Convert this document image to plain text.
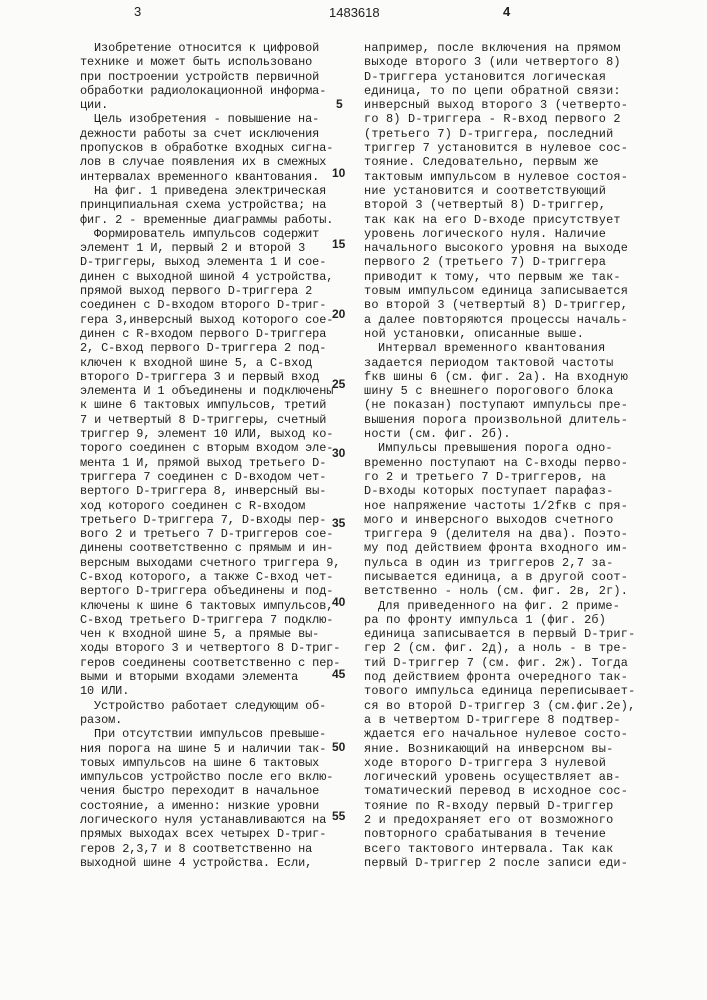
3	1483618	4
Изобретение относится к цифровой
технике и может быть использовано
при построении устройств первичной
обработки радиолокационной информа-
ции.
Цель изобретения - повышение на-
дежности работы за счет исключения
пропусков в обработке входных сигна-
лов в случае появления их в смежных
интервалах временного квантования.
На фиг. 1 приведена электрическая
принципиальная схема устройства; на
фиг. 2 - временные диаграммы работы.
Формирователь импульсов содержит
элемент 1 И, первый 2 и второй 3
D-триггеры, выход элемента 1 И сое-
динен с выходной шиной 4 устройства,
прямой выход первого D-триггера 2
соединен с D-входом второго D-триг-
гера 3,инверсный выход которого сое-
динен с R-входом первого D-триггера
2, С-вход первого D-триггера 2 под-
ключен к входной шине 5, а С-вход
второго D-триггера 3 и первый вход
элемента И 1 объединены и подключены
к шине 6 тактовых импульсов, третий
7 и четвертый 8 D-триггеры, счетный
триггер 9, элемент 10 ИЛИ, выход ко-
торого соединен с вторым входом эле-
мента 1 И, прямой выход третьего D-
триггера 7 соединен с D-входом чет-
вертого D-триггера 8, инверсный вы-
ход которого соединен с R-входом
третьего D-триггера 7, D-входы пер-
вого 2 и третьего 7 D-триггеров сое-
динены соответственно с прямым и ин-
версным выходами счетного триггера 9,
С-вход которого, а также С-вход чет-
вертого D-триггера объединены и под-
ключены к шине 6 тактовых импульсов,
С-вход третьего D-триггера 7 подклю-
чен к входной шине 5, а прямые вы-
ходы второго 3 и четвертого 8 D-триг-
геров соединены соответственно с пер-
выми и вторыми входами элемента
10 ИЛИ.
Устройство работает следующим об-
разом.
При отсутствии импульсов превыше-
ния порога на шине 5 и наличии так-
товых импульсов на шине 6 тактовых
импульсов устройство после его вклю-
чения быстро переходит в начальное
состояние, а именно: низкие уровни
логического нуля устанавливаются на
прямых выходах всех четырех D-триг-
геров 2,3,7 и 8 соответственно на
выходной шине 4 устройства. Если,
5
10
15
20
25
30
35
40
45
50
55
например, после включения на прямом
выходе второго 3 (или четвертого 8)
D-триггера установится логическая
единица, то по цепи обратной связи:
инверсный выход второго 3 (четверто-
го 8) D-триггера - R-вход первого 2
(третьего 7) D-триггера, последний
триггер 7 установится в нулевое сос-
тояние. Следовательно, первым же
тактовым импульсом в нулевое состоя-
ние установится и соответствующий
второй 3 (четвертый 8) D-триггер,
так как на его D-входе присутствует
уровень логического нуля. Наличие
начального высокого уровня на выходе
первого 2 (третьего 7) D-триггера
приводит к тому, что первым же так-
товым импульсом единица записывается
во второй 3 (четвертый 8) D-триггер,
а далее повторяются процессы началь-
ной установки, описанные выше.
Интервал временного квантования
задается периодом тактовой частоты
fкв шины 6 (см. фиг. 2а). На входную
шину 5 с внешнего порогового блока
(не показан) поступают импульсы пре-
вышения порога произвольной длитель-
ности (см. фиг. 2б).
Импульсы превышения порога одно-
временно поступают на С-входы перво-
го 2 и третьего 7 D-триггеров, на
D-входы которых поступает парафаз-
ное напряжение частоты 1/2fкв с пря-
мого и инверсного выходов счетного
триггера 9 (делителя на два). Поэто-
му под действием фронта входного им-
пульса в один из триггеров 2,7 за-
писывается единица, а в другой соот-
ветственно - ноль (см. фиг. 2в, 2г).
Для приведенного на фиг. 2 приме-
ра по фронту импульса 1 (фиг. 2б)
единица записывается в первый D-триг-
гер 2 (см. фиг. 2д), а ноль - в тре-
тий D-триггер 7 (см. фиг. 2ж). Тогда
под действием фронта очередного так-
тового импульса единица переписывает-
ся во второй D-триггер 3 (см.фиг.2е),
а в четвертом D-триггере 8 подтвер-
ждается его начальное нулевое состо-
яние. Возникающий на инверсном вы-
ходе второго D-триггера 3 нулевой
логический уровень осуществляет ав-
томатический перевод в исходное сос-
тояние по R-входу первый D-триггер
2 и предохраняет его от возможного
повторного срабатывания в течение
всего тактового интервала. Так как
первый D-триггер 2 после записи еди-
